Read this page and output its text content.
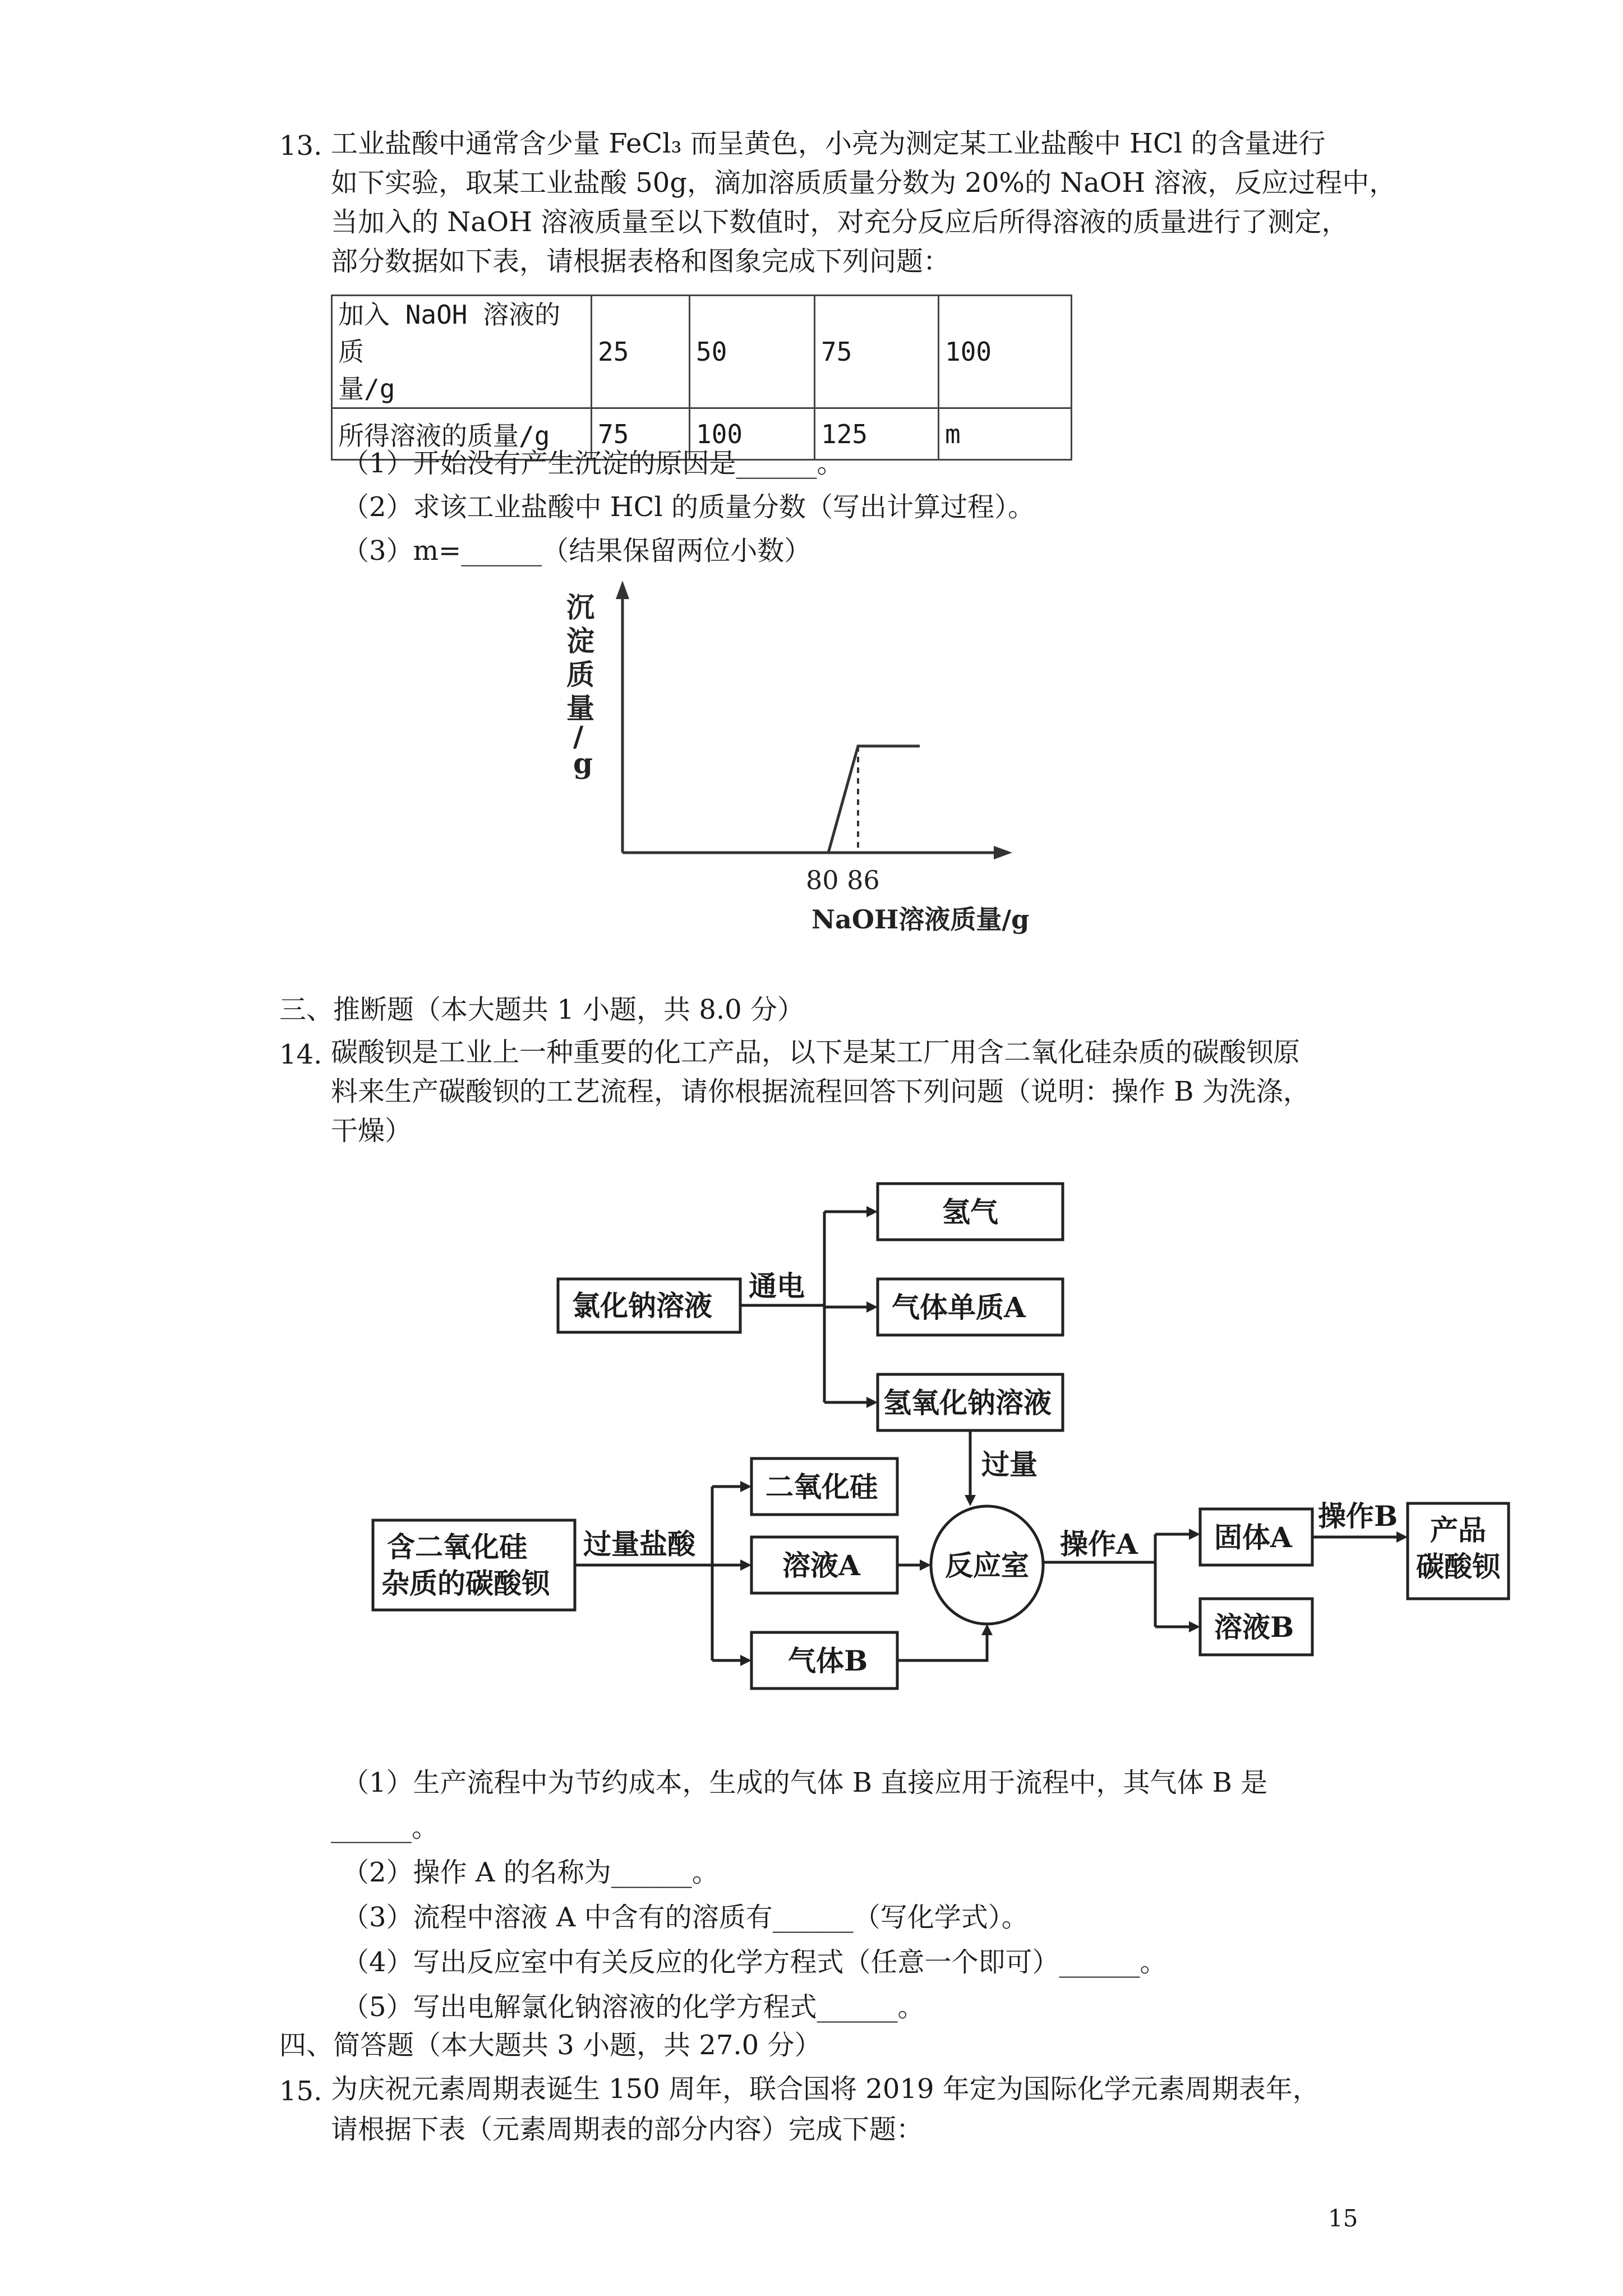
13. 工业盐酸中通常含少量 FeCl₃ 而呈黄色，小亮为测定某工业盐酸中 HCl 的含量进行
如下实验，取某工业盐酸 50g，滴加溶质质量分数为 20%的 NaOH 溶液，反应过程中，
当加入的 NaOH 溶液质量至以下数值时，对充分反应后所得溶液的质量进行了测定，
部分数据如下表，请根据表格和图象完成下列问题：
加入 NaOH 溶液的质
量/g	25	50	75	100
所得溶液的质量/g	75	100	125	m
（1）开始没有产生沉淀的原因是______。
（2）求该工业盐酸中 HCl 的质量分数（写出计算过程）。
（3）m=______（结果保留两位小数）
沉
淀
质
量
/
g
80 86
NaOH溶液质量/g
三、推断题（本大题共 1 小题，共 8.0 分）
14. 碳酸钡是工业上一种重要的化工产品，以下是某工厂用含二氧化硅杂质的碳酸钡原
料来生产碳酸钡的工艺流程，请你根据流程回答下列问题（说明：操作 B 为洗涤，
干燥）
氯化钠溶液
通电
氢气
气体单质A
氢氧化钠溶液
过量
含二氧化硅
杂质的碳酸钡
过量盐酸
二氧化硅
溶液A
气体B
反应室
操作A	固体A
溶液B
操作B 产品
碳酸钡
（1）生产流程中为节约成本，生成的气体 B 直接应用于流程中，其气体 B 是
______。
（2）操作 A 的名称为______。
（3）流程中溶液 A 中含有的溶质有______（写化学式）。
（4）写出反应室中有关反应的化学方程式（任意一个即可）______。
（5）写出电解氯化钠溶液的化学方程式______。
四、简答题（本大题共 3 小题，共 27.0 分）
15. 为庆祝元素周期表诞生 150 周年，联合国将 2019 年定为国际化学元素周期表年，
请根据下表（元素周期表的部分内容）完成下题：
15
